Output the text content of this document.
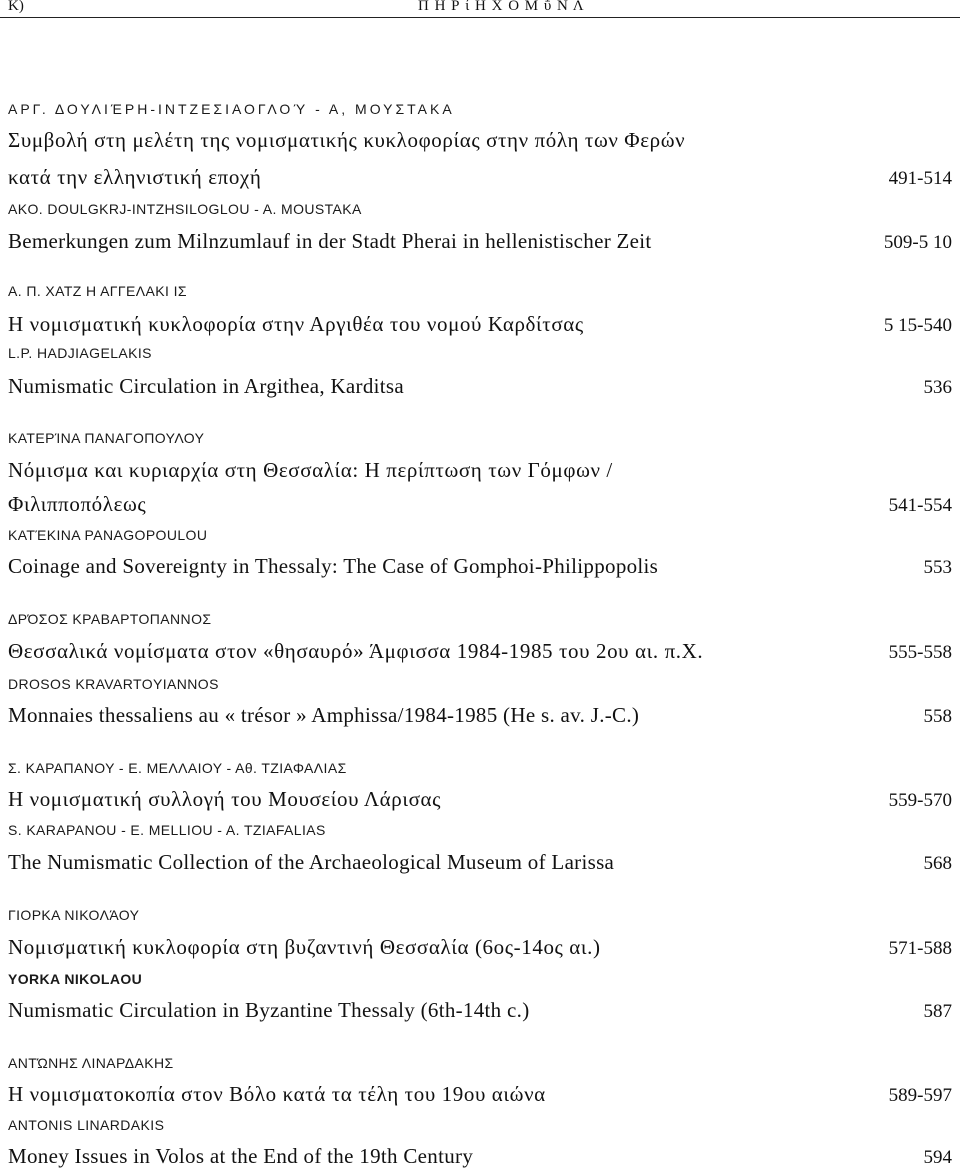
Κ)	Π Η Ρ ί Η Χ Ο Μ ΰ Ν Λ
ΑΡΓ. ΔΟΥΛΙΈΡΗ-ΙΝΤΖΕΣΙΑΟΓΛΟΎ - Α, ΜΟΥΣΤΑΚΑ
Συμβολή στη μελέτη της νομισματικής κυκλοφορίας στην πόλη των Φερών
κατά την ελληνιστική εποχή	491-514
AKO. DOULGKRJ-INTZHSILOGLOU - A. MOUSTAKA
Bemerkungen zum Milnzumlauf in der Stadt Pherai in hellenistischer Zeit	509-5 10
Α. Π. ΧΑΤΖ Η ΑΓΓΕΛΑΚΙ ΙΣ
Η νομισματική κυκλοφορία στην Αργιθέα του νομού Καρδίτσας	5 15-540
L.P. HADJIAGELAKIS
Numismatic Circulation in Argithea, Karditsa	536
ΚΑΤΕΡΊΝΑ ΠΑΝΑΓΟΠΟΥΛΟΥ
Νόμισμα και κυριαρχία στη Θεσσαλία: Η περίπτωση των Γόμφων /
Φιλιπποπόλεως	541-554
ΚΑΤΈΚΙΝΑ PANAGOPOULOU
Coinage and Sovereignty in Thessaly: The Case of Gomphoi-Philippopolis	553
ΔΡΌΣΟΣ ΚΡΑΒΑΡΤΟΠΑΝΝΟΣ
Θεσσαλικά νομίσματα στον «θησαυρό» Άμφισσα 1984-1985 του 2ου αι. π.Χ.	555-558
DROSOS KRAVARTOYIANNOS
Monnaies thessaliens au « trésor » Amphissa/1984-1985 (He s. av. J.-C.)	558
Σ. ΚΑΡΑΠΑΝΟΥ - Ε. ΜΕΛΛΑΙΟΥ - Αθ. ΤΖΙΑΦΑΛΙΑΣ
Η νομισματική συλλογή του Μουσείου Λάρισας	559-570
S. KARAPANOU - E. MELLIOU - A. TZIAFALIAS
The Numismatic Collection of the Archaeological Museum of Larissa	568
ΓΙΟΡΚΑ ΝΙΚΟΛΆΟΥ
Νομισματική κυκλοφορία στη βυζαντινή Θεσσαλία (6ος-14ος αι.)	571-588
YORKA NIKOLAOU
Numismatic Circulation in Byzantine Thessaly (6th-14th c.)	587
ΑΝΤΏΝΗΣ ΛΙΝΑΡΔΑΚΗΣ
Η νομισματοκοπία στον Βόλο κατά τα τέλη του 19ου αιώνα	589-597
ANTONIS LINARDAKIS
Money Issues in Volos at the End of the 19th Century	594
